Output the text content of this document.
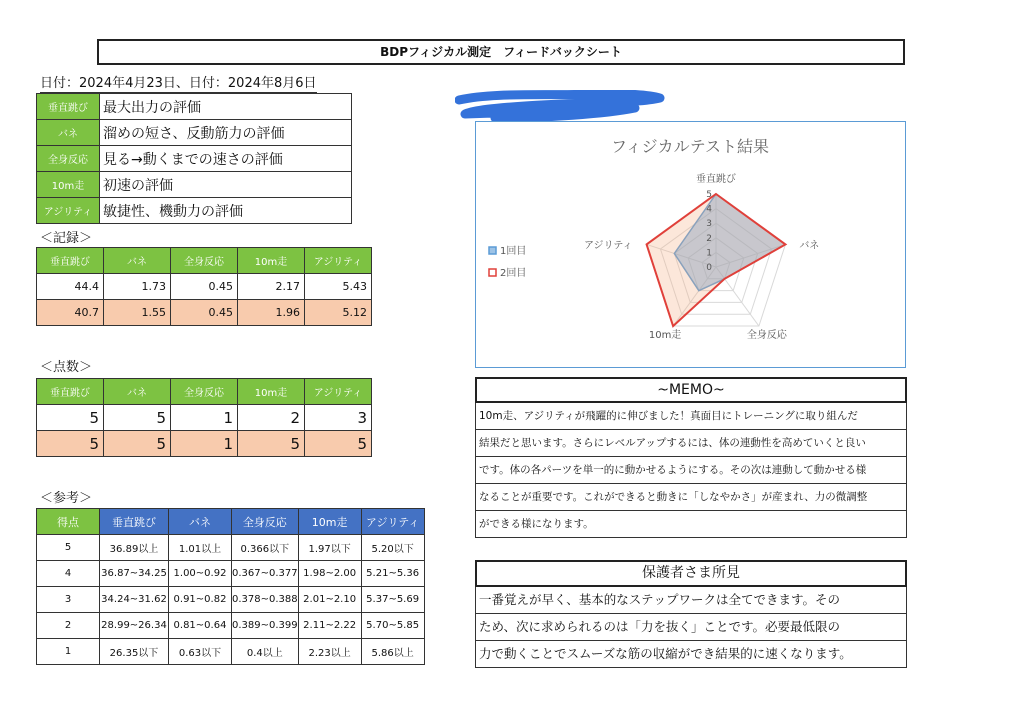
BDPフィジカル測定　フィードバックシート
日付：2024年4月23日、日付：2024年8月6日
垂直跳び	最大出力の評価
バネ	溜めの短さ、反動筋力の評価
全身反応	見る→動くまでの速さの評価
10m走	初速の評価
アジリティ	敏捷性、機動力の評価
＜記録＞
垂直跳び	バネ	全身反応	10m走	アジリティ
44.4	1.73	0.45	2.17	5.43
40.7	1.55	0.45	1.96	5.12
＜点数＞
垂直跳び	バネ	全身反応	10m走	アジリティ
5	5	1	2	3
5	5	1	5	5
＜参考＞
得点	垂直跳び	バネ	全身反応	10m走	アジリティ
5	36.89以上	1.01以上	0.366以下	1.97以下	5.20以下
4	36.87~34.25	1.00~0.92	0.367~0.377	1.98~2.00	5.21~5.36
3	34.24~31.62	0.91~0.82	0.378~0.388	2.01~2.10	5.37~5.69
2	28.99~26.34	0.81~0.64	0.389~0.399	2.11~2.22	5.70~5.85
1	26.35以下	0.63以下	0.4以上	2.23以上	5.86以上
フィジカルテスト結果
0
1
2
3
4
5
垂直跳び
バネ
全身反応
10m走
アジリティ
1回目
2回目
~MEMO~
10m走、アジリティが飛躍的に伸びました！真面目にトレーニングに取り組んだ
結果だと思います。さらにレベルアップするには、体の連動性を高めていくと良い
です。体の各パーツを単一的に動かせるようにする。その次は連動して動かせる様
なることが重要です。これができると動きに「しなやかさ」が産まれ、力の微調整
ができる様になります。
保護者さま所見
一番覚えが早く、基本的なステップワークは全てできます。その
ため、次に求められるのは「力を抜く」ことです。必要最低限の
力で動くことでスムーズな筋の収縮ができ結果的に速くなります。
